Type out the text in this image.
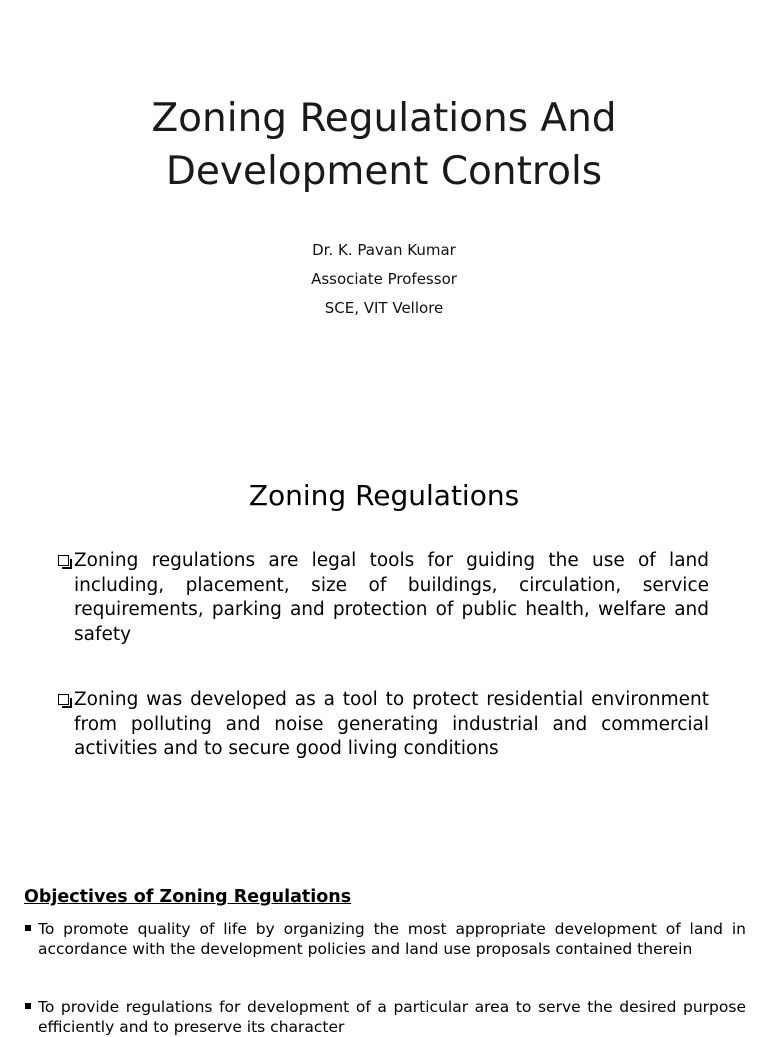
Zoning Regulations And
Development Controls
Dr. K. Pavan Kumar
Associate Professor
SCE, VIT Vellore
Zoning Regulations
Zoning regulations are legal tools for guiding the use of land including, placement, size of buildings, circulation, service requirements, parking and protection of public health, welfare and safety
Zoning was developed as a tool to protect residential environment from polluting and noise generating industrial and commercial activities and to secure good living conditions
Objectives of Zoning Regulations
To promote quality of life by organizing the most appropriate development of land in accordance with the development policies and land use proposals contained therein
To provide regulations for development of a particular area to serve the desired purpose efficiently and to preserve its character
